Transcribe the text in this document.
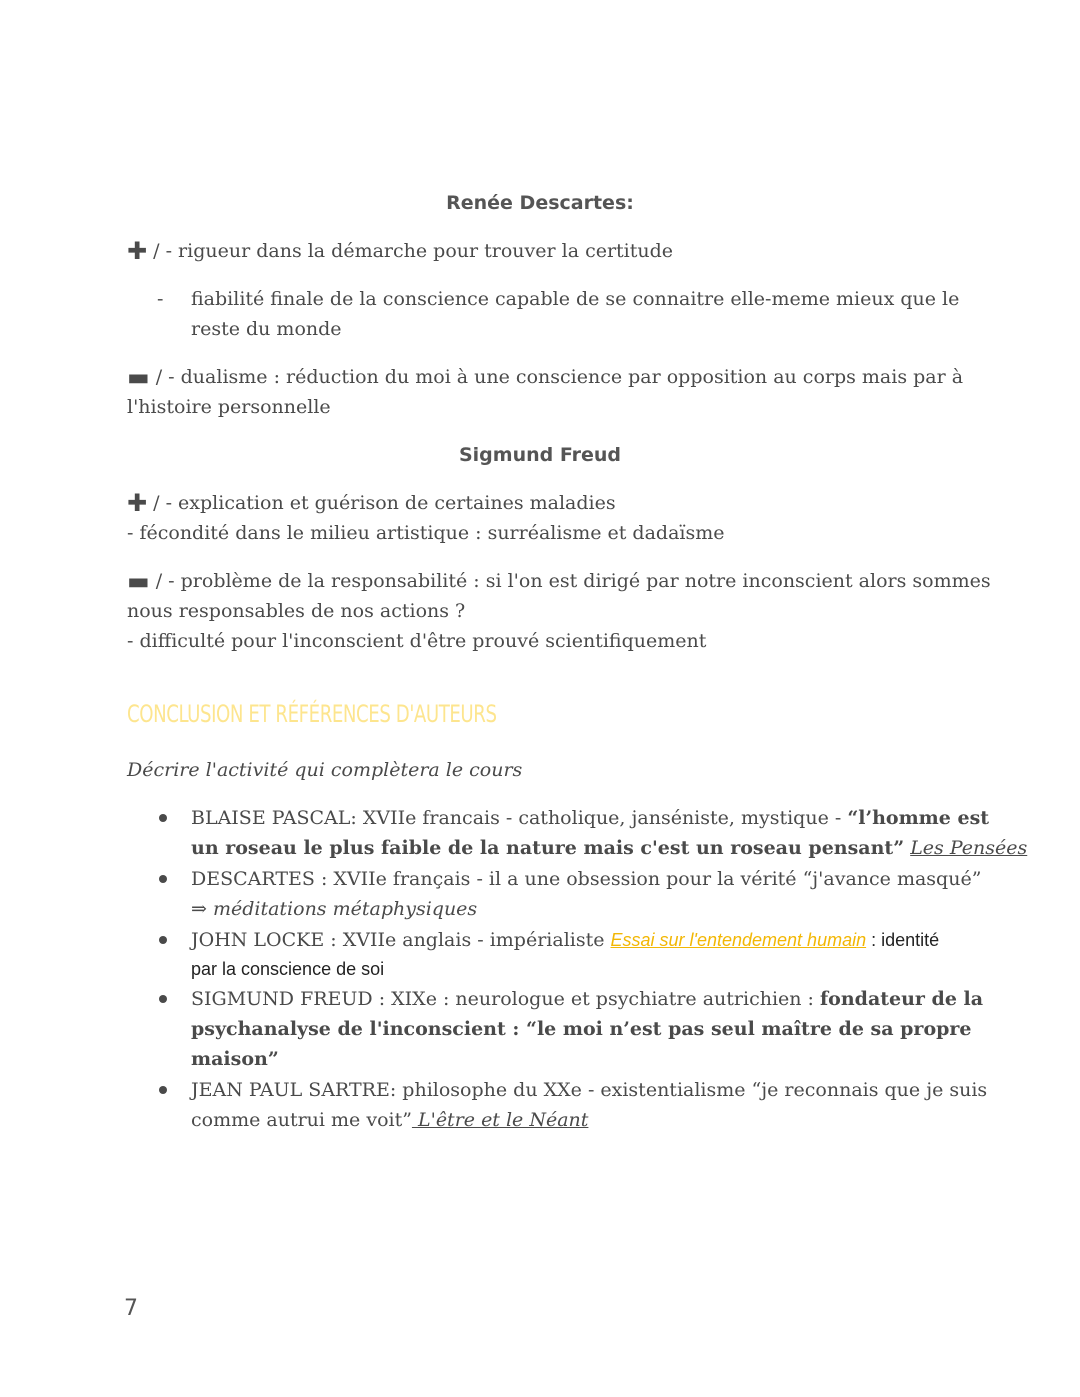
Renée Descartes:
✚ / - rigueur dans la démarche pour trouver la certitude
- fiabilité finale de la conscience capable de se connaitre elle-meme mieux que le
reste du monde
▬ / - dualisme : réduction du moi à une conscience par opposition au corps mais par à
l'histoire personnelle
Sigmund Freud
✚ / - explication et guérison de certaines maladies
- fécondité dans le milieu artistique : surréalisme et dadaïsme
▬ / - problème de la responsabilité : si l'on est dirigé par notre inconscient alors sommes
nous responsables de nos actions ?
- difficulté pour l'inconscient d'être prouvé scientifiquement
CONCLUSION ET RÉFÉRENCES D'AUTEURS
Décrire l'activité qui complètera le cours
BLAISE PASCAL: XVIIe francais - catholique, janséniste, mystique - “l’homme est
un roseau le plus faible de la nature mais c'est un roseau pensant” Les Pensées
DESCARTES : XVIIe français - il a une obsession pour la vérité “j'avance masqué”
⇒ méditations métaphysiques
JOHN LOCKE : XVIIe anglais - impérialiste Essai sur l'entendement humain : identité
par la conscience de soi
SIGMUND FREUD : XIXe : neurologue et psychiatre autrichien : fondateur de la
psychanalyse de l'inconscient : “le moi n’est pas seul maître de sa propre
maison”
JEAN PAUL SARTRE: philosophe du XXe - existentialisme “je reconnais que je suis
comme autrui me voit” L'être et le Néant
7
